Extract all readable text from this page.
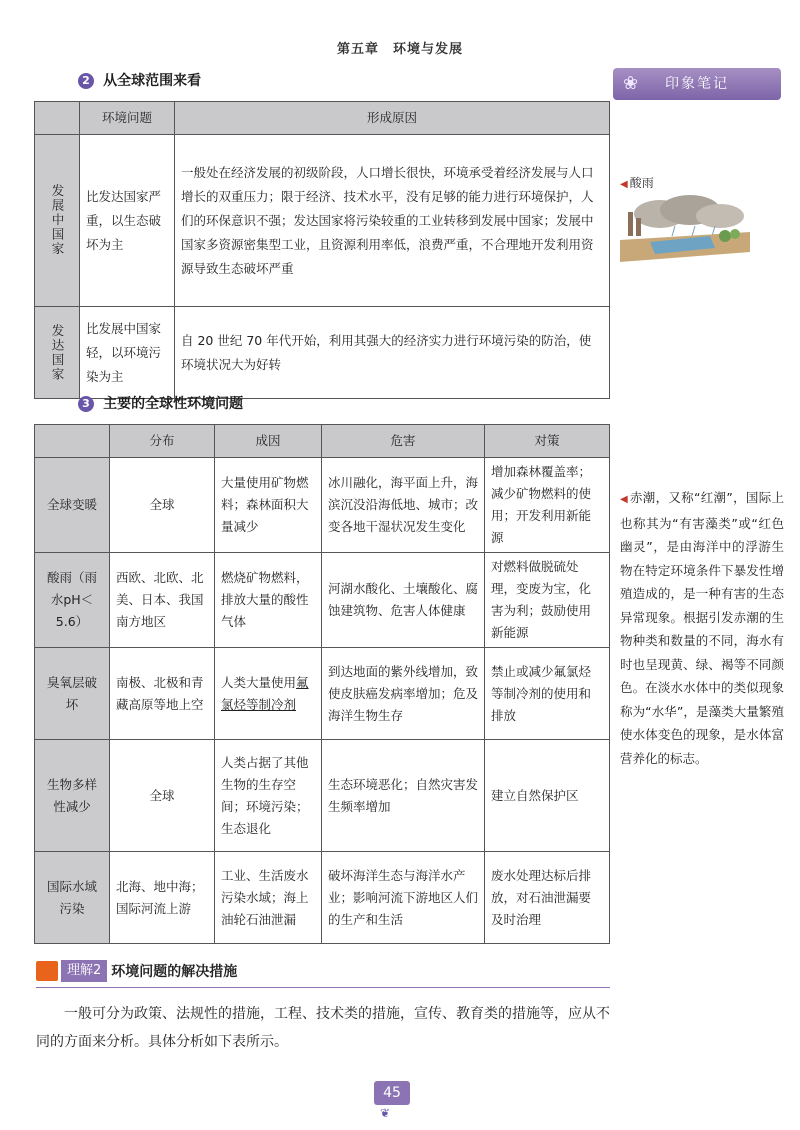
第五章　环境与发展
2 从全球范围来看	❀ 印象笔记
	环境问题	形成原因
发展中国家	比发达国家严重，以生态破坏为主	一般处在经济发展的初级阶段，人口增长很快，环境承受着经济发展与人口增长的双重压力；限于经济、技术水平，没有足够的能力进行环境保护，人们的环保意识不强；发达国家将污染较重的工业转移到发展中国家；发展中国家多资源密集型工业，且资源利用率低，浪费严重，不合理地开发利用资源导致生态破坏严重
发达国家	比发展中国家轻，以环境污染为主	自 20 世纪 70 年代开始，利用其强大的经济实力进行环境污染的防治，使环境状况大为好转
◀ 酸雨
3 主要的全球性环境问题
	分布	成因	危害	对策
全球变暖	全球	大量使用矿物燃料；森林面积大量减少	冰川融化，海平面上升，海滨沉没沿海低地、城市；改变各地干湿状况发生变化	增加森林覆盖率；减少矿物燃料的使用；开发利用新能源
酸雨（雨水pH＜5.6）	西欧、北欧、北美、日本、我国南方地区	燃烧矿物燃料，排放大量的酸性气体	河湖水酸化、土壤酸化、腐蚀建筑物、危害人体健康	对燃料做脱硫处理，变废为宝，化害为利；鼓励使用新能源
臭氧层破坏	南极、北极和青藏高原等地上空	人类大量使用氟氯烃等制冷剂	到达地面的紫外线增加，致使皮肤癌发病率增加；危及海洋生物生存	禁止或减少氟氯烃等制冷剂的使用和排放
生物多样性减少	全球	人类占据了其他生物的生存空间；环境污染；生态退化	生态环境恶化；自然灾害发生频率增加	建立自然保护区
国际水域污染	北海、地中海；国际河流上游	工业、生活废水污染水域；海上油轮石油泄漏	破坏海洋生态与海洋水产业；影响河流下游地区人们的生产和生活	废水处理达标后排放，对石油泄漏要及时治理
◀ 赤潮，又称“红潮”，国际上也称其为“有害藻类”或“红色幽灵”，是由海洋中的浮游生物在特定环境条件下暴发性增殖造成的，是一种有害的生态异常现象。根据引发赤潮的生物种类和数量的不同，海水有时也呈现黄、绿、褐等不同颜色。在淡水水体中的类似现象称为“水华”，是藻类大量繁殖使水体变色的现象，是水体富营养化的标志。
理解2 环境问题的解决措施
一般可分为政策、法规性的措施，工程、技术类的措施，宣传、教育类的措施等，应从不同的方面来分析。具体分析如下表所示。
45
❦
